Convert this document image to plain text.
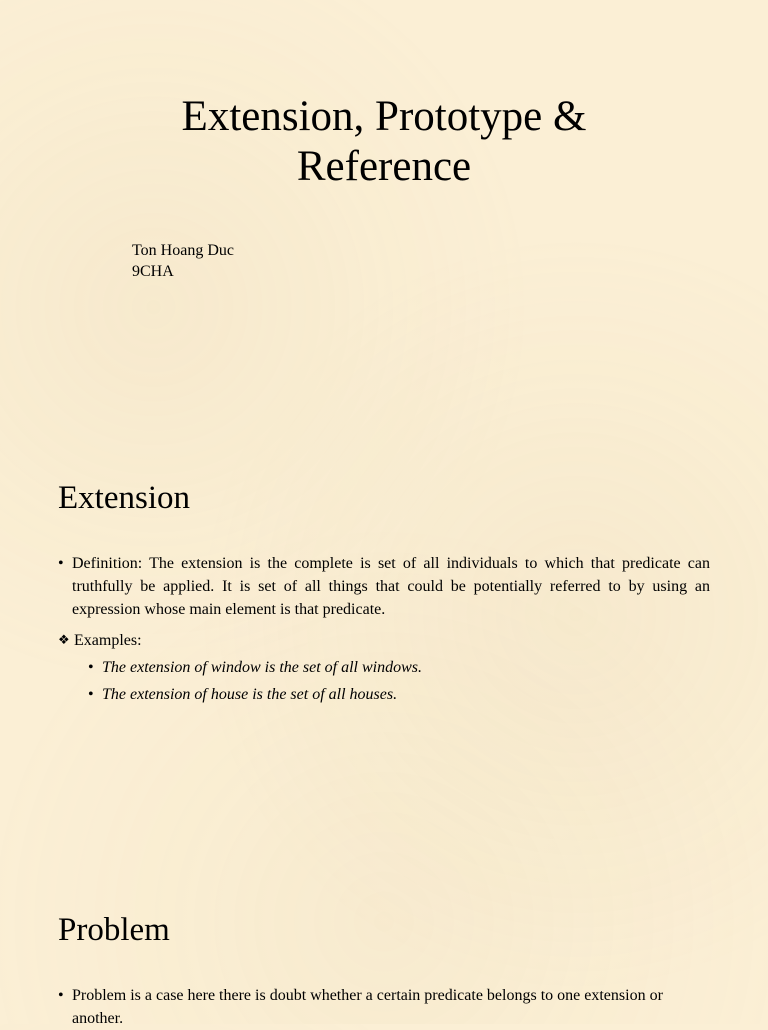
Extension, Prototype &
Reference
Ton Hoang Duc
9CHA
Extension
• Definition: The extension is the complete is set of all individuals to which that predicate can truthfully be applied. It is set of all things that could be potentially referred to by using an expression whose main element is that predicate.
❖ Examples:
• The extension of window is the set of all windows.
• The extension of house is the set of all houses.
Problem
• Problem is a case here there is doubt whether a certain predicate belongs to one extension or another.
